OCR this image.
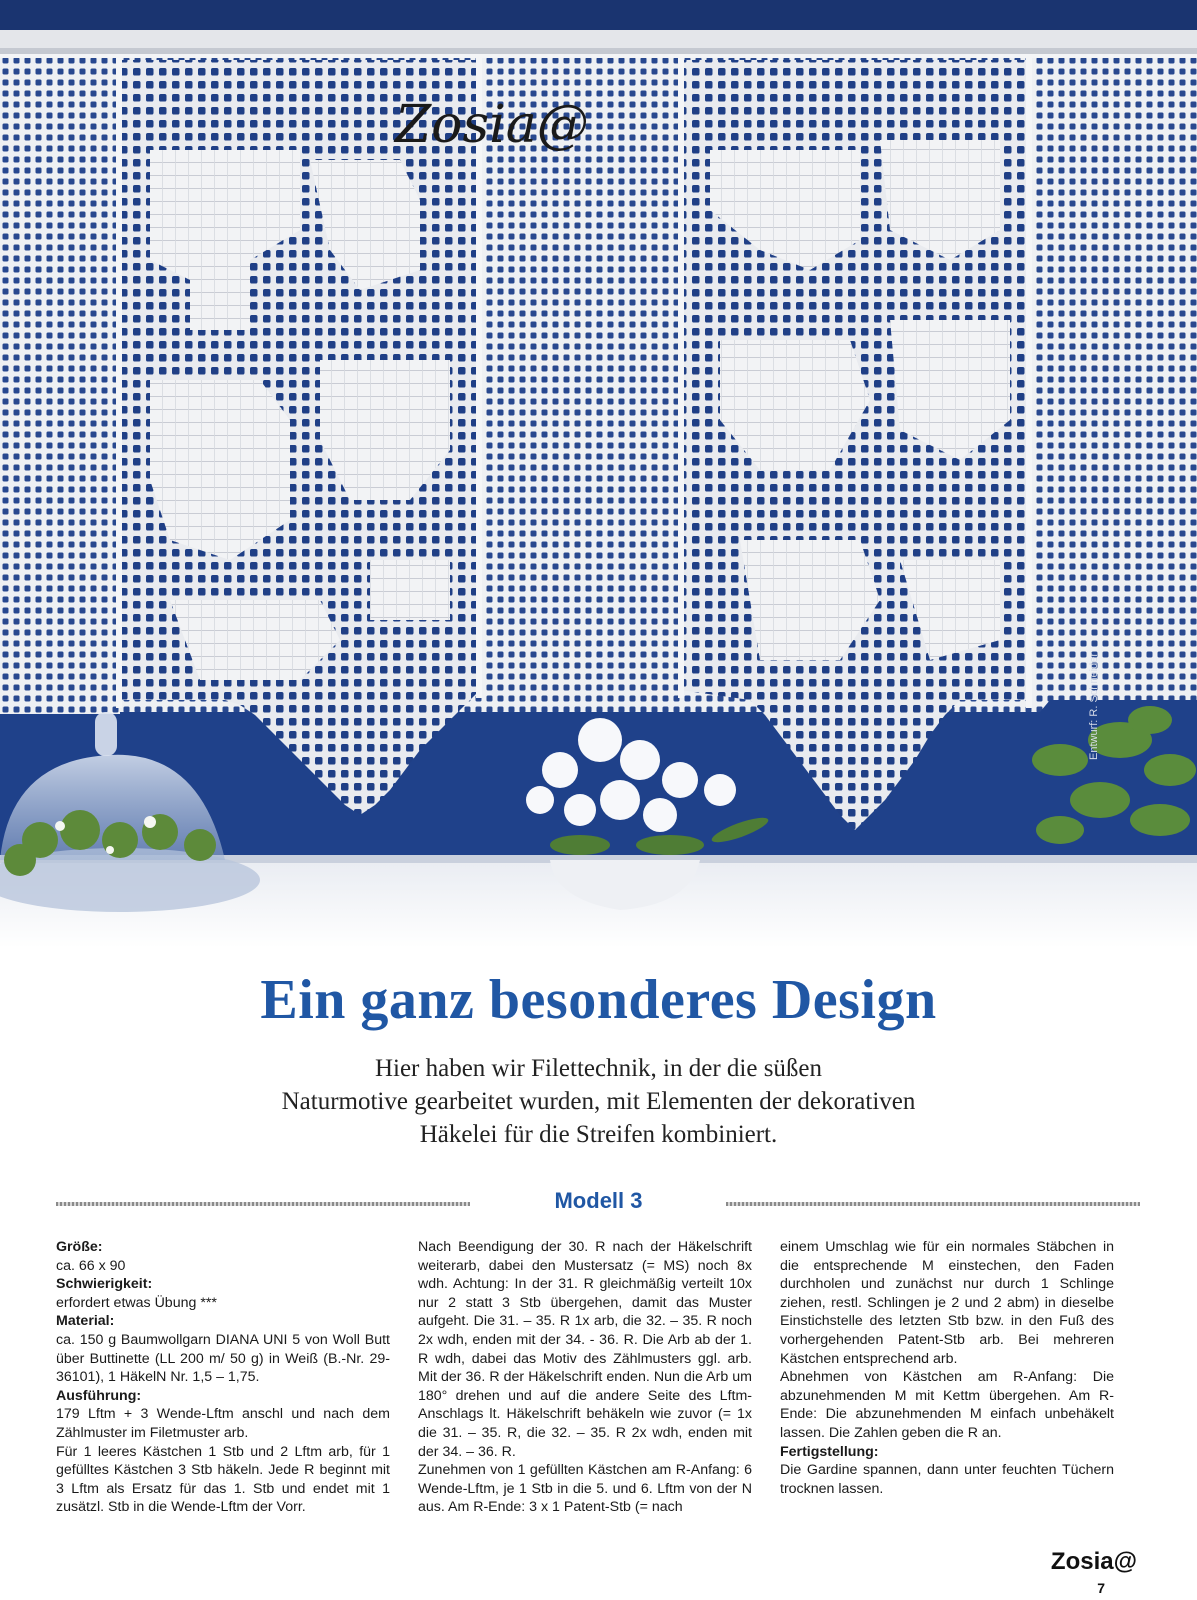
Zosia@
Entwurf: R. Schneider
Ein ganz besonderes Design
Hier haben wir Filettechnik, in der die süßen
Naturmotive gearbeitet wurden, mit Elementen der dekorativen
Häkelei für die Streifen kombiniert.
Modell 3

Größe:

ca. 66 x 90

Schwierigkeit:

erfordert etwas Übung ***

Material:

ca. 150 g Baumwollgarn DIANA UNI 5 von Woll Butt über Buttinette (LL 200 m/ 50 g) in Weiß (B.-Nr. 29-36101), 1 HäkelN Nr. 1,5 – 1,75.

Ausführung:

179 Lftm + 3 Wende-Lftm anschl und nach dem Zählmuster im Filetmuster arb.

Für 1 leeres Kästchen 1 Stb und 2 Lftm arb, für 1 gefülltes Kästchen 3 Stb häkeln. Jede R beginnt mit 3 Lftm als Ersatz für das 1. Stb und endet mit 1 zusätzl. Stb in die Wende-Lftm der Vorr.

Nach Beendigung der 30. R nach der Häkelschrift weiterarb, dabei den Mustersatz (= MS) noch 8x wdh. Achtung: In der 31. R gleichmäßig verteilt 10x nur 2 statt 3 Stb übergehen, damit das Muster aufgeht. Die 31. – 35. R 1x arb, die 32. – 35. R noch 2x wdh, enden mit der 34. - 36. R. Die Arb ab der 1. R wdh, dabei das Motiv des Zählmusters ggl. arb. Mit der 36. R der Häkelschrift enden. Nun die Arb um 180° drehen und auf die andere Seite des Lftm-Anschlags lt. Häkelschrift behäkeln wie zuvor (= 1x die 31. – 35. R, die 32. – 35. R 2x wdh, enden mit der 34. – 36. R.

Zunehmen von 1 gefüllten Kästchen am R-Anfang: 6 Wende-Lftm, je 1 Stb in die 5. und 6. Lftm von der N aus. Am R-Ende: 3 x 1 Patent-Stb (= nach

einem Umschlag wie für ein normales Stäbchen in die entsprechende M einstechen, den Faden durchholen und zunächst nur durch 1 Schlinge ziehen, restl. Schlingen je 2 und 2 abm) in dieselbe Einstichstelle des letzten Stb bzw. in den Fuß des vorhergehenden Patent-Stb arb. Bei mehreren Kästchen entsprechend arb.

Abnehmen von Kästchen am R-Anfang: Die abzunehmenden M mit Kettm übergehen. Am R-Ende: Die abzunehmenden M einfach unbehäkelt lassen. Die Zahlen geben die R an.

Fertigstellung:

Die Gardine spannen, dann unter feuchten Tüchern trocknen lassen.

Zosia@
7
